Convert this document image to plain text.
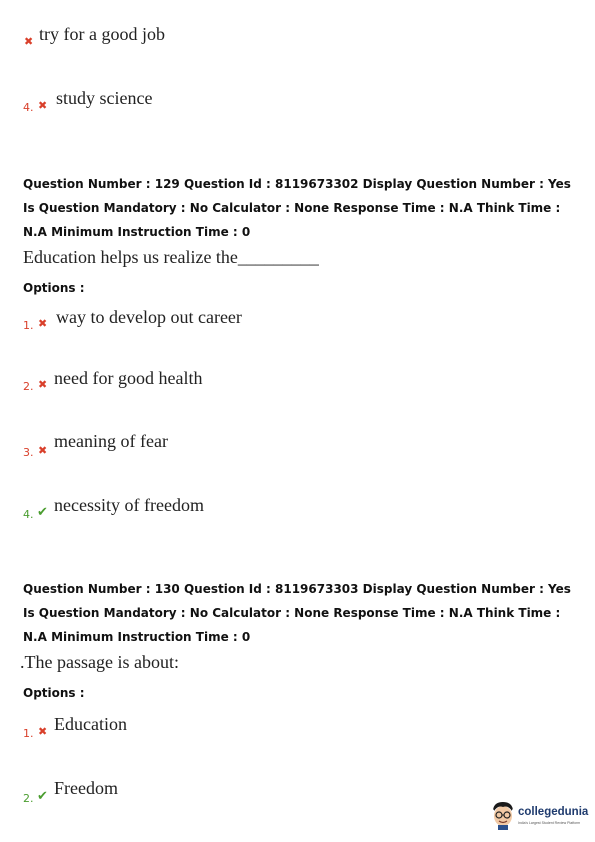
✖ try for a good job
4. ✖ study science
Question Number : 129 Question Id : 8119673302 Display Question Number : Yes Is Question Mandatory : No Calculator : None Response Time : N.A Think Time : N.A Minimum Instruction Time : 0
Education helps us realize the_________
Options :
1. ✖ way to develop out career
2. ✖ need for good health
3. ✖ meaning of fear
4. ✔ necessity of freedom
Question Number : 130 Question Id : 8119673303 Display Question Number : Yes Is Question Mandatory : No Calculator : None Response Time : N.A Think Time : N.A Minimum Instruction Time : 0
.The passage is about:
Options :
1. ✖ Education
2. ✔ Freedom
collegedunia
India's Largest Student Review Platform
